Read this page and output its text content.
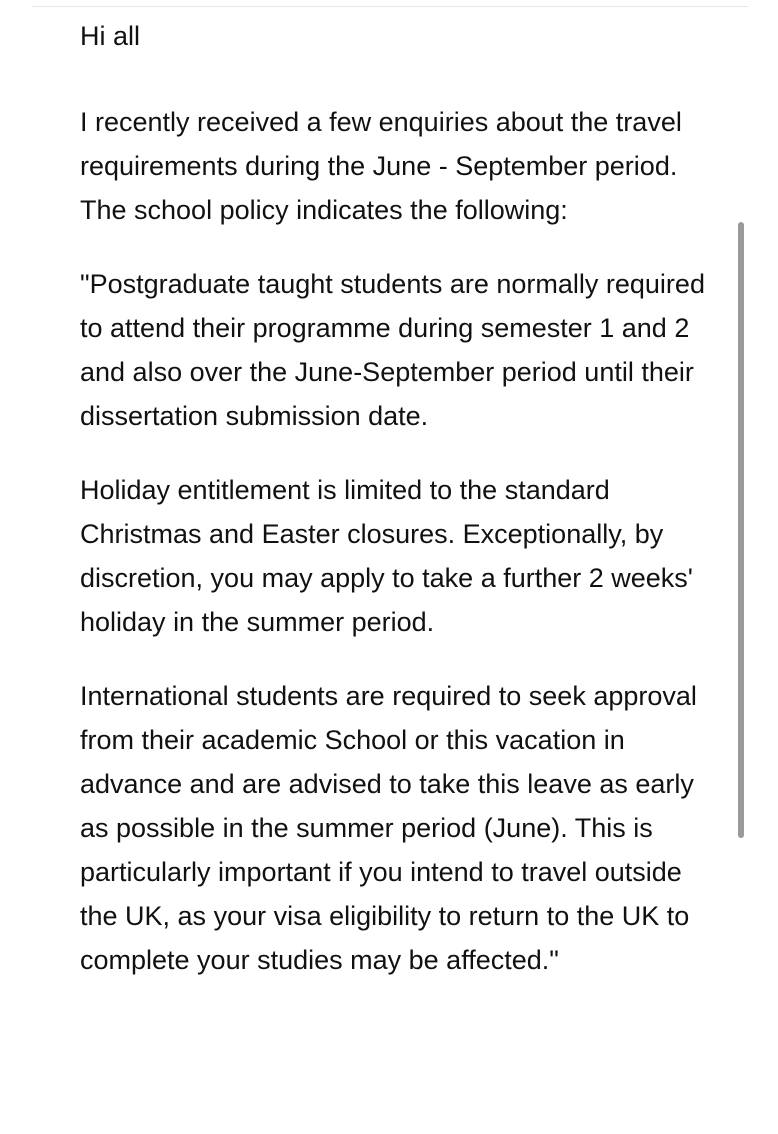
Hi all

I recently received a few enquiries about the travel requirements during the June - September period. The school policy indicates the following:

"Postgraduate taught students are normally required to attend their programme during semester 1 and 2 and also over the June-September period until their dissertation submission date.

Holiday entitlement is limited to the standard Christmas and Easter closures. Exceptionally, by discretion, you may apply to take a further 2 weeks' holiday in the summer period.

International students are required to seek approval from their academic School or this vacation in advance and are advised to take this leave as early as possible in the summer period (June). This is particularly important if you intend to travel outside the UK, as your visa eligibility to return to the UK to complete your studies may be affected."
